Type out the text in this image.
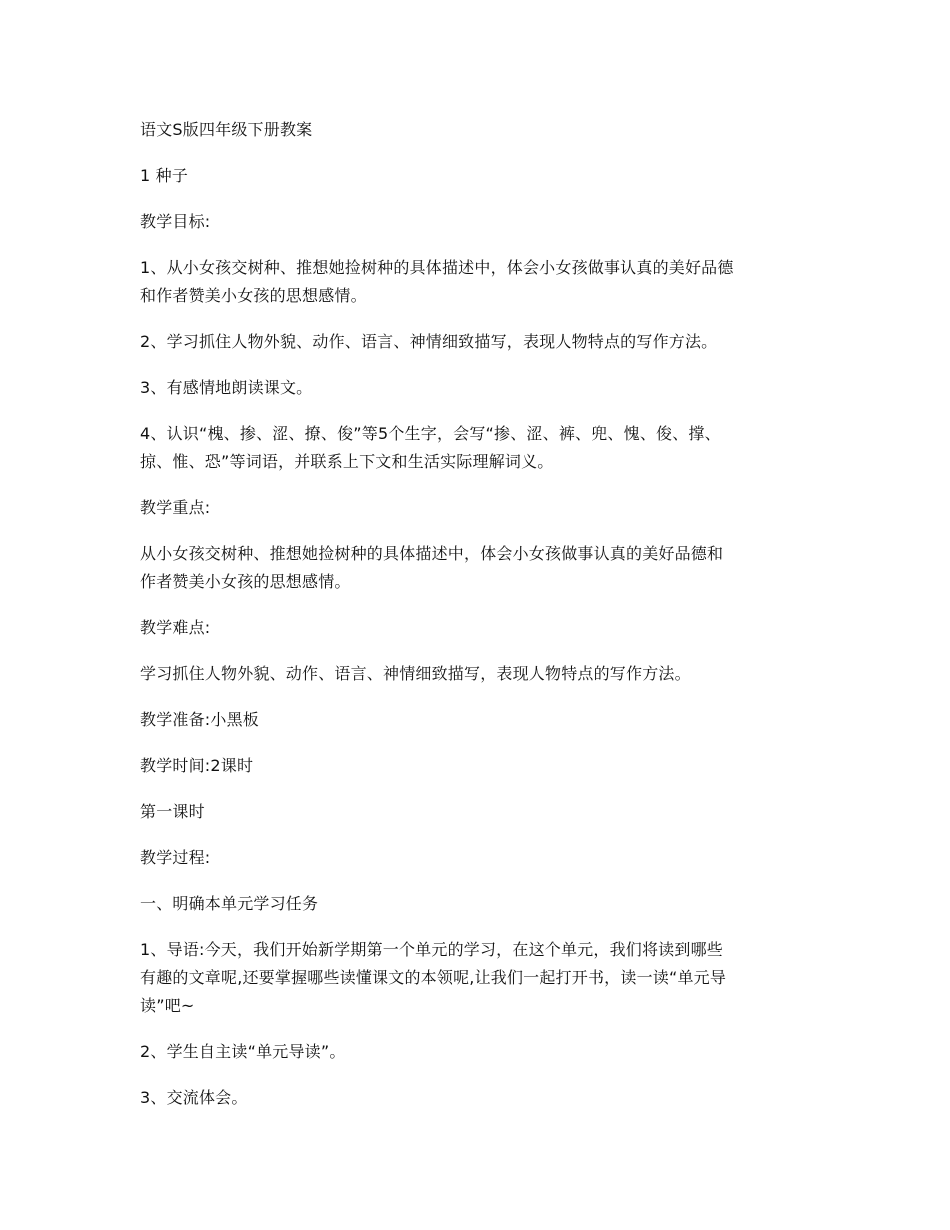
语文S版四年级下册教案
1 种子
教学目标:
1、从小女孩交树种、推想她捡树种的具体描述中，体会小女孩做事认真的美好品德
和作者赞美小女孩的思想感情。
2、学习抓住人物外貌、动作、语言、神情细致描写，表现人物特点的写作方法。
3、有感情地朗读课文。
4、认识“槐、掺、涩、撩、俊”等5个生字，会写“掺、涩、裤、兜、愧、俊、撑、
掠、惟、恐”等词语，并联系上下文和生活实际理解词义。
教学重点:
从小女孩交树种、推想她捡树种的具体描述中，体会小女孩做事认真的美好品德和
作者赞美小女孩的思想感情。
教学难点:
学习抓住人物外貌、动作、语言、神情细致描写，表现人物特点的写作方法。
教学准备:小黑板
教学时间:2课时
第一课时
教学过程:
一、明确本单元学习任务
1、导语:今天，我们开始新学期第一个单元的学习，在这个单元，我们将读到哪些
有趣的文章呢,还要掌握哪些读懂课文的本领呢,让我们一起打开书，读一读“单元导
读”吧~
2、学生自主读“单元导读”。
3、交流体会。
